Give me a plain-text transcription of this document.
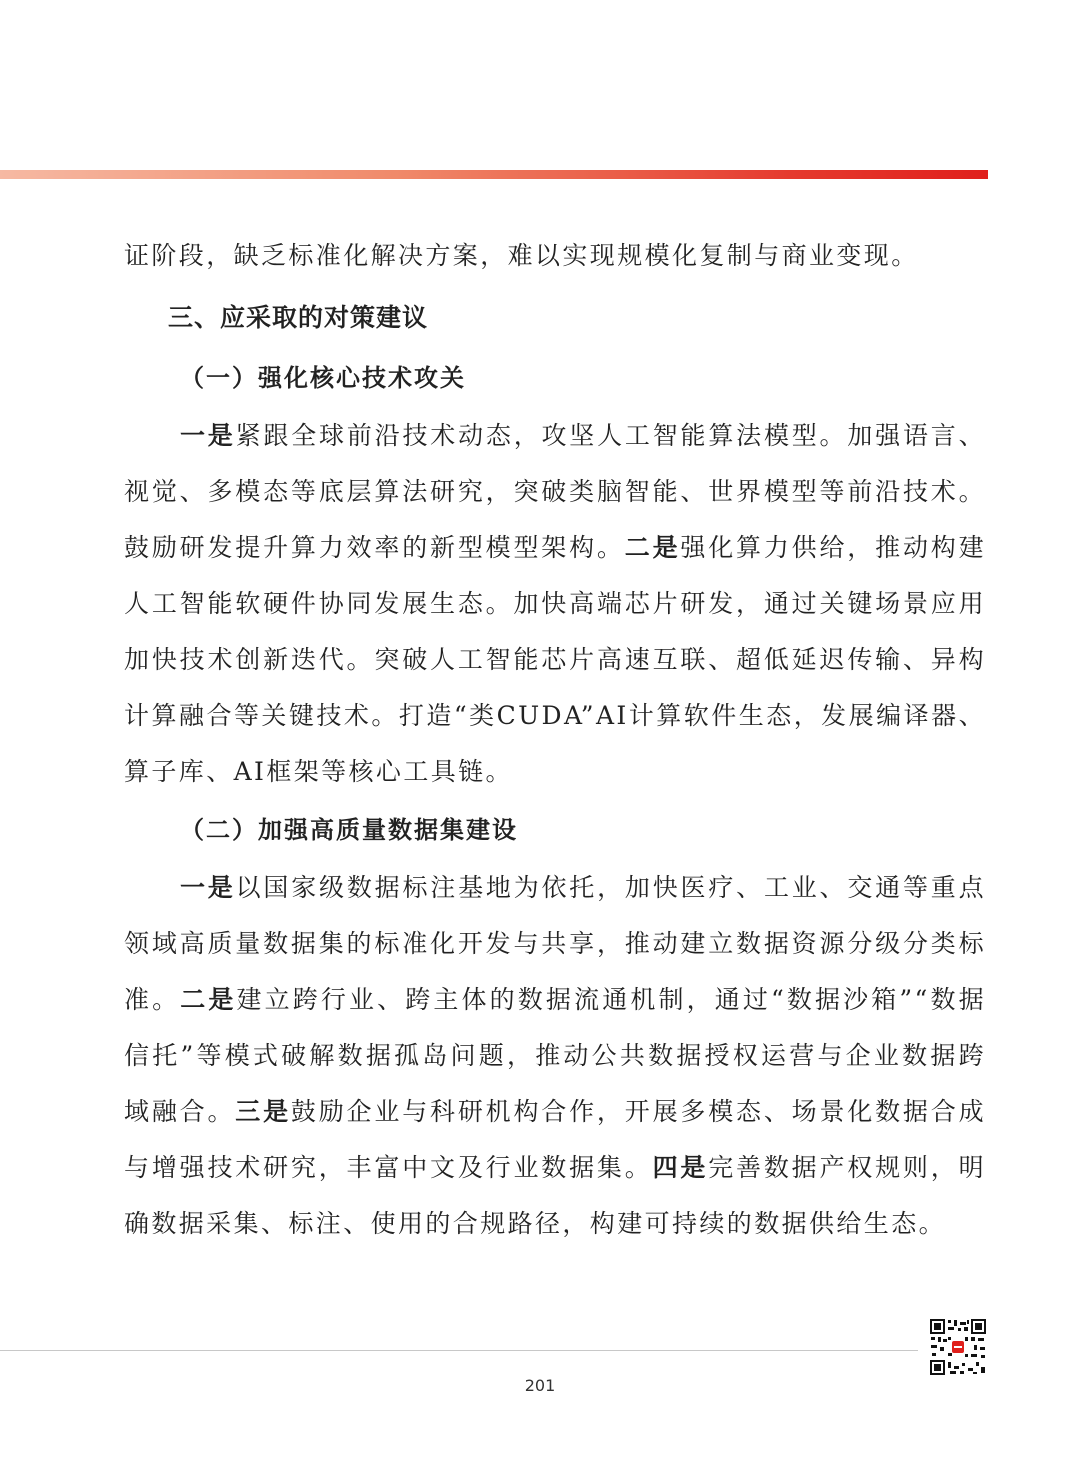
证阶段，缺乏标准化解决方案，难以实现规模化复制与商业变现。

三、应采取的对策建议
（一）强化核心技术攻关

一是紧跟全球前沿技术动态，攻坚人工智能算法模型。加强语言、视觉、多模态等底层算法研究，突破类脑智能、世界模型等前沿技术。鼓励研发提升算力效率的新型模型架构。二是强化算力供给，推动构建人工智能软硬件协同发展生态。加快高端芯片研发，通过关键场景应用加快技术创新迭代。突破人工智能芯片高速互联、超低延迟传输、异构计算融合等关键技术。打造“类CUDA”AI计算软件生态，发展编译器、算子库、AI框架等核心工具链。

（二）加强高质量数据集建设

一是以国家级数据标注基地为依托，加快医疗、工业、交通等重点领域高质量数据集的标准化开发与共享，推动建立数据资源分级分类标准。二是建立跨行业、跨主体的数据流通机制，通过“数据沙箱”“数据信托”等模式破解数据孤岛问题，推动公共数据授权运营与企业数据跨域融合。三是鼓励企业与科研机构合作，开展多模态、场景化数据合成与增强技术研究，丰富中文及行业数据集。四是完善数据产权规则，明确数据采集、标注、使用的合规路径，构建可持续的数据供给生态。

201
